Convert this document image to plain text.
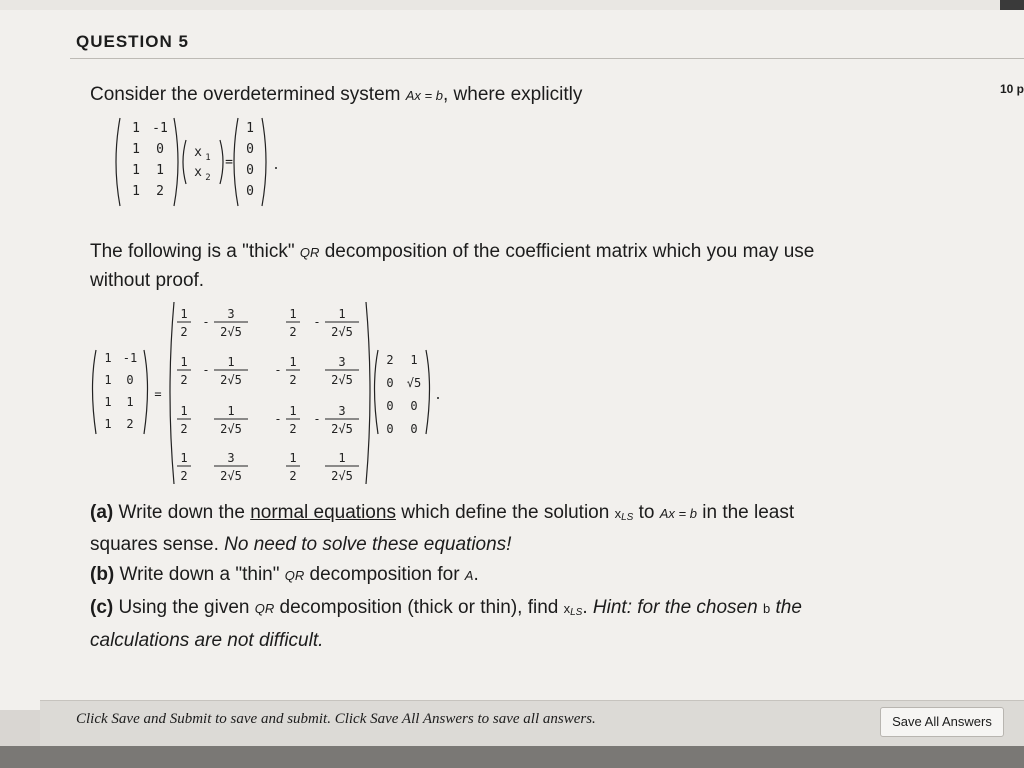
QUESTION 5
10 p
Consider the overdetermined system Ax = b, where explicitly
1 -1
1 0
1 1
1 2
x 1
x 2
=
1
0
0
0
The following is a "thick" QR decomposition of the coefficient matrix which you may use
without proof.
1 -1
1 0
1 1
1 2
=
1
2
-
3
2√5
1
2
-
1
2√5
1
2
-
1
2√5
-
1
2
3
2√5
1
2
1
2√5
-
1
2
-
3
2√5
1
2
3
2√5
1
2
1
2√5
2 1
0 √5
0 0
0 0
(a) Write down the normal equations which define the solution $x_{LS}$ to Ax = b in the least
squares sense. No need to solve these equations!
(b) Write down a "thin" QR decomposition for A.
(c) Using the given QR decomposition (thick or thin), find $x_{LS}$. Hint: for the chosen b the
calculations are not difficult.
Click Save and Submit to save and submit. Click Save All Answers to save all answers.	Save All Answers
